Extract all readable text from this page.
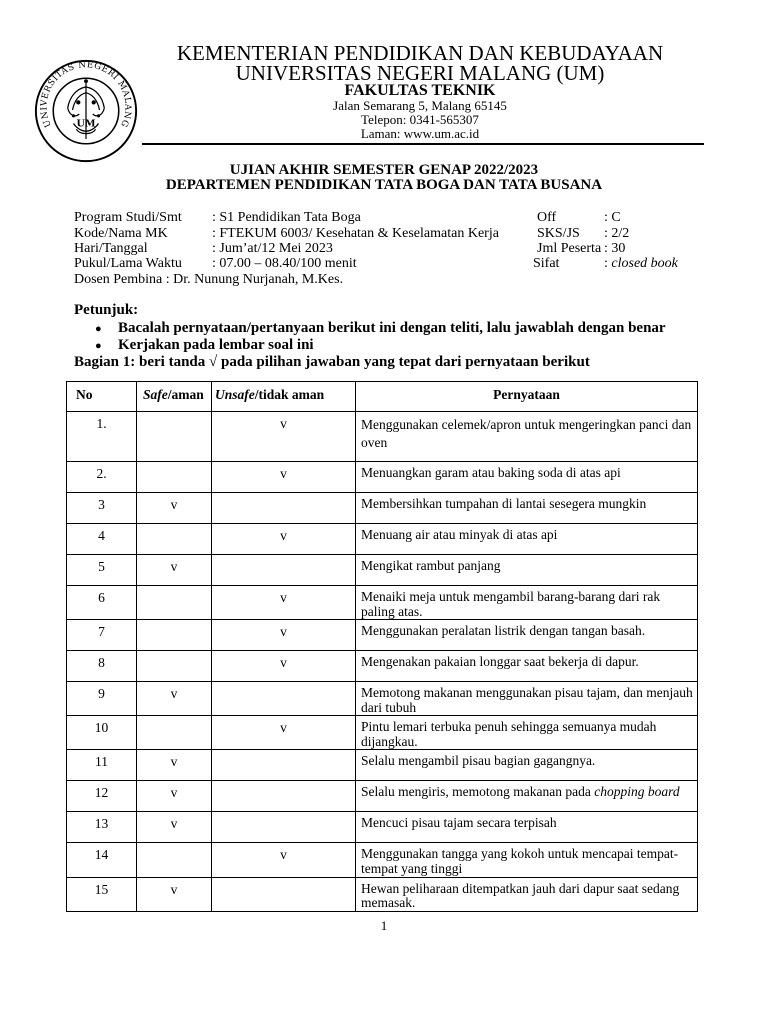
UNIVERSITAS NEGERI MALANG
UM
KEMENTERIAN PENDIDIKAN DAN KEBUDAYAAN
UNIVERSITAS NEGERI MALANG (UM)
FAKULTAS TEKNIK
Jalan Semarang 5, Malang 65145
Telepon: 0341-565307
Laman: www.um.ac.id
UJIAN AKHIR SEMESTER GENAP 2022/2023
DEPARTEMEN PENDIDIKAN TATA BOGA DAN TATA BUSANA
Program Studi/Smt : S1 Pendidikan Tata Boga
Kode/Nama MK	: FTEKUM 6003/ Kesehatan & Keselamatan Kerja
Hari/Tanggal	: Jum’at/12 Mei 2023
Pukul/Lama Waktu : 07.00 – 08.40/100 menit
Dosen Pembina : Dr. Nunung Nurjanah, M.Kes.
Off	: C
SKS/JS : 2/2
Jml Peserta : 30
Sifat	: closed book
Petunjuk:
● Bacalah pernyataan/pertanyaan berikut ini dengan teliti, lalu jawablah dengan benar
● Kerjakan pada lembar soal ini
Bagian 1: beri tanda √ pada pilihan jawaban yang tepat dari pernyataan berikut
No	Safe/aman	Unsafe/tidak aman	Pernyataan
1.		v	Menggunakan celemek/apron untuk mengeringkan panci dan oven
2.		v	Menuangkan garam atau baking soda di atas api
3	v		Membersihkan tumpahan di lantai sesegera mungkin
4		v	Menuang air atau minyak di atas api
5	v		Mengikat rambut panjang
6		v	Menaiki meja untuk mengambil barang-barang dari rak paling atas.
7		v	Menggunakan peralatan listrik dengan tangan basah.
8		v	Mengenakan pakaian longgar saat bekerja di dapur.
9	v		Memotong makanan menggunakan pisau tajam, dan menjauh dari tubuh
10		v	Pintu lemari terbuka penuh sehingga semuanya mudah dijangkau.
11	v		Selalu mengambil pisau bagian gagangnya.
12	v		Selalu mengiris, memotong makanan pada chopping board
13	v		Mencuci pisau tajam secara terpisah
14		v	Menggunakan tangga yang kokoh untuk mencapai tempat-tempat yang tinggi
15	v		Hewan peliharaan ditempatkan jauh dari dapur saat sedang memasak.
1
